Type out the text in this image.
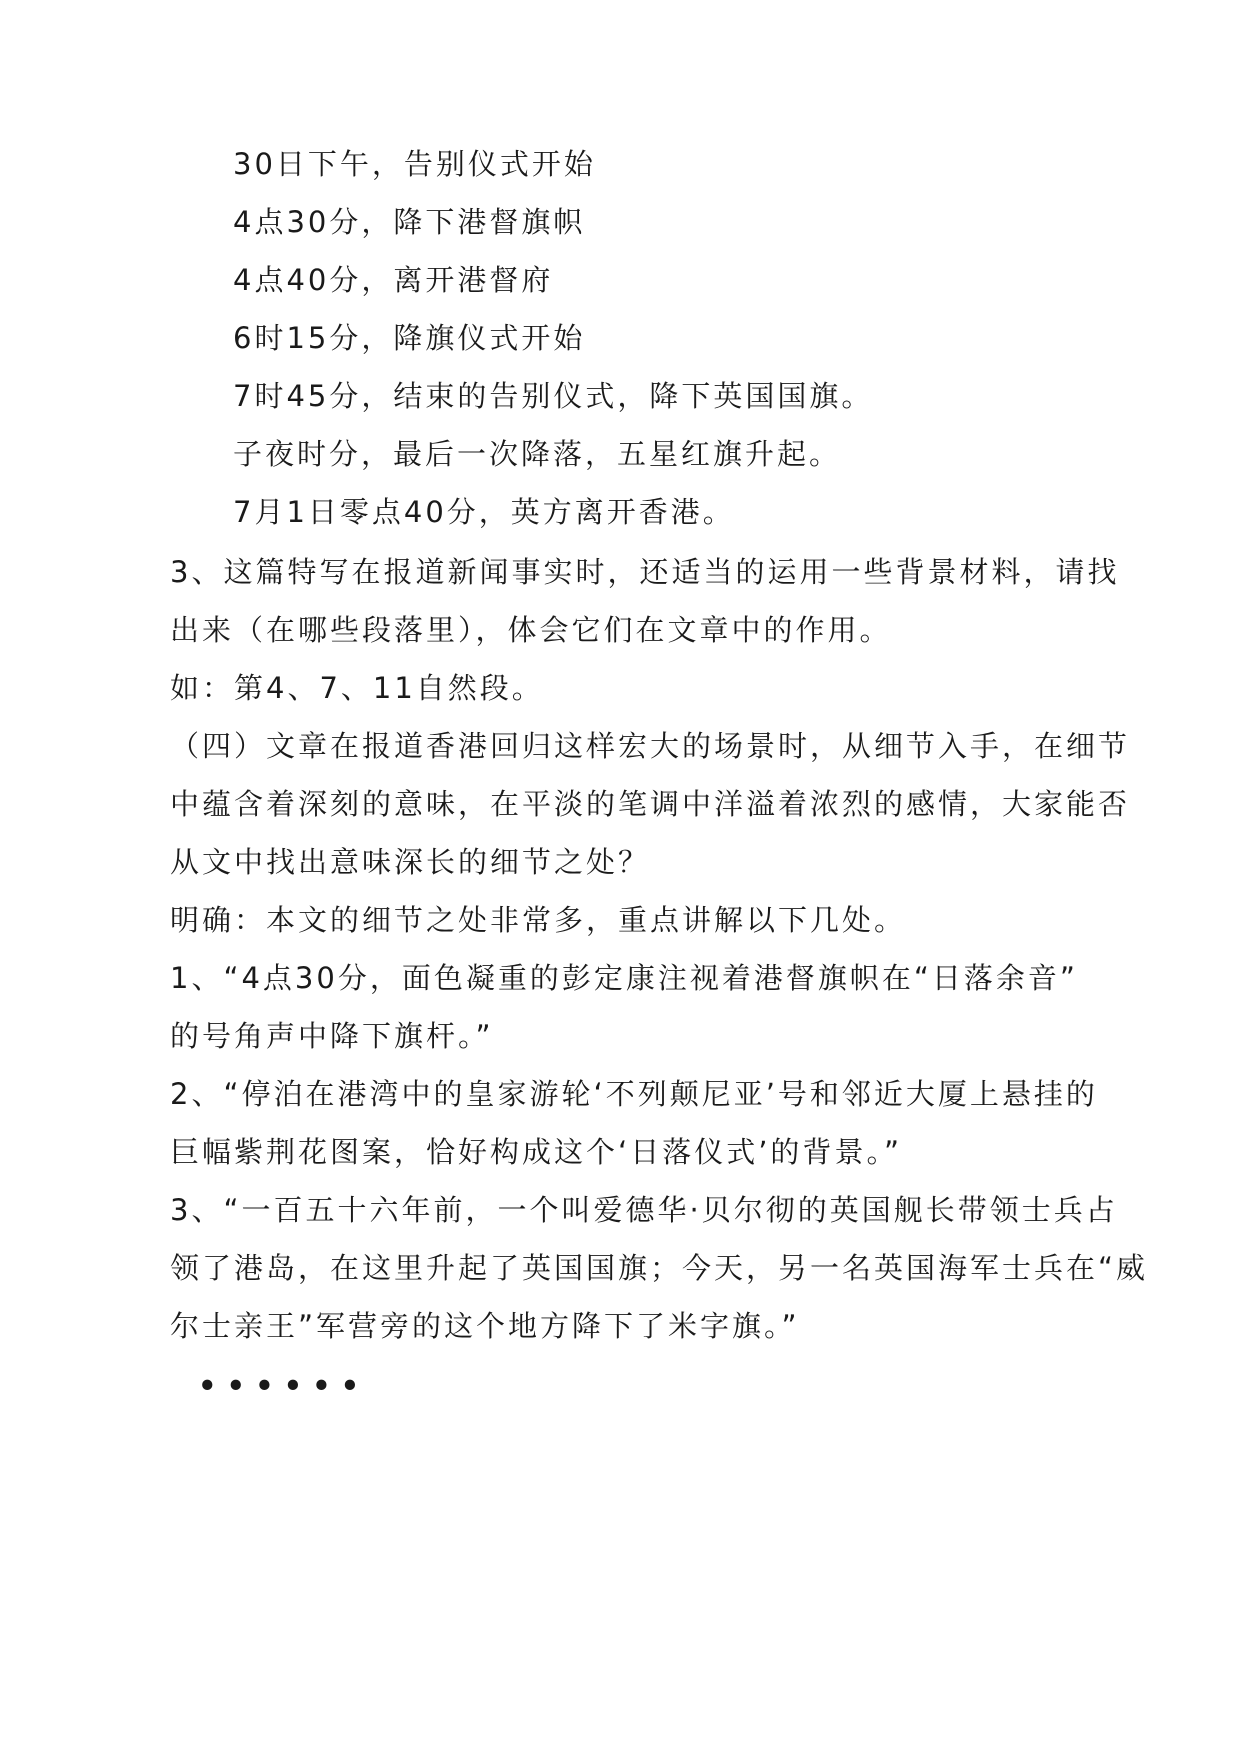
30日下午，告别仪式开始
4点30分，降下港督旗帜
4点40分，离开港督府
6时15分，降旗仪式开始
7时45分，结束的告别仪式，降下英国国旗。
子夜时分，最后一次降落，五星红旗升起。
7月1日零点40分，英方离开香港。
3、这篇特写在报道新闻事实时，还适当的运用一些背景材料，请找
出来（在哪些段落里），体会它们在文章中的作用。
如：第4、7、11自然段。
（四）文章在报道香港回归这样宏大的场景时，从细节入手，在细节
中蕴含着深刻的意味，在平淡的笔调中洋溢着浓烈的感情，大家能否
从文中找出意味深长的细节之处？
明确：本文的细节之处非常多，重点讲解以下几处。
1、“4点30分，面色凝重的彭定康注视着港督旗帜在“日落余音”
的号角声中降下旗杆。”
2、“停泊在港湾中的皇家游轮‘不列颠尼亚’号和邻近大厦上悬挂的
巨幅紫荆花图案，恰好构成这个‘日落仪式’的背景。”
3、“一百五十六年前，一个叫爱德华·贝尔彻的英国舰长带领士兵占
领了港岛，在这里升起了英国国旗；今天，另一名英国海军士兵在“威
尔士亲王”军营旁的这个地方降下了米字旗。”
••••••
